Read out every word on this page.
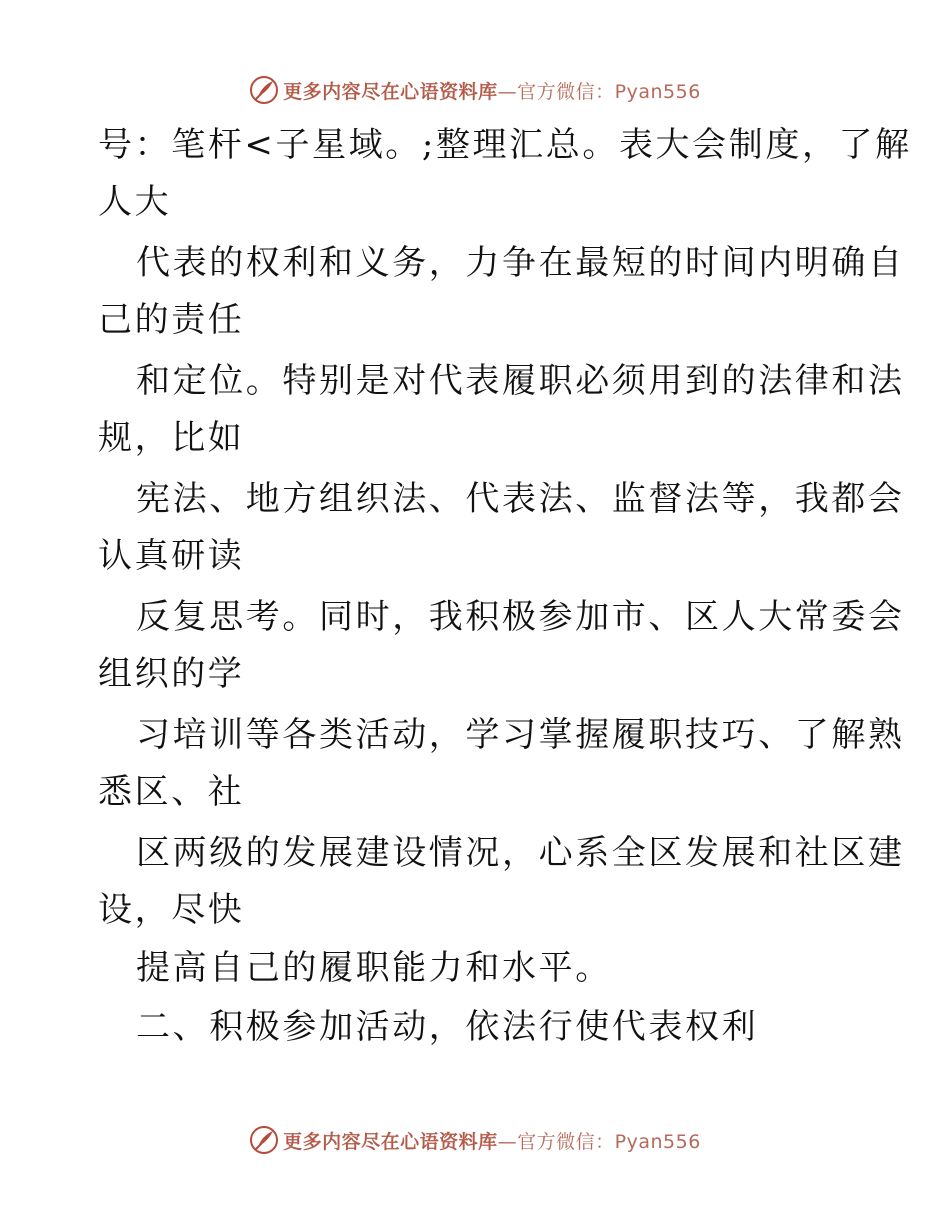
更多内容尽在心语资料库—官方微信：Pyan556
号：笔杆<子星域。;整理汇总。表大会制度，了解
人大
代表的权利和义务，力争在最短的时间内明确自
己的责任
和定位。特别是对代表履职必须用到的法律和法
规，比如
宪法、地方组织法、代表法、监督法等，我都会
认真研读
反复思考。同时，我积极参加市、区人大常委会
组织的学
习培训等各类活动，学习掌握履职技巧、了解熟
悉区、社
区两级的发展建设情况，心系全区发展和社区建
设，尽快
提高自己的履职能力和水平。
二、积极参加活动，依法行使代表权利
更多内容尽在心语资料库—官方微信：Pyan556
